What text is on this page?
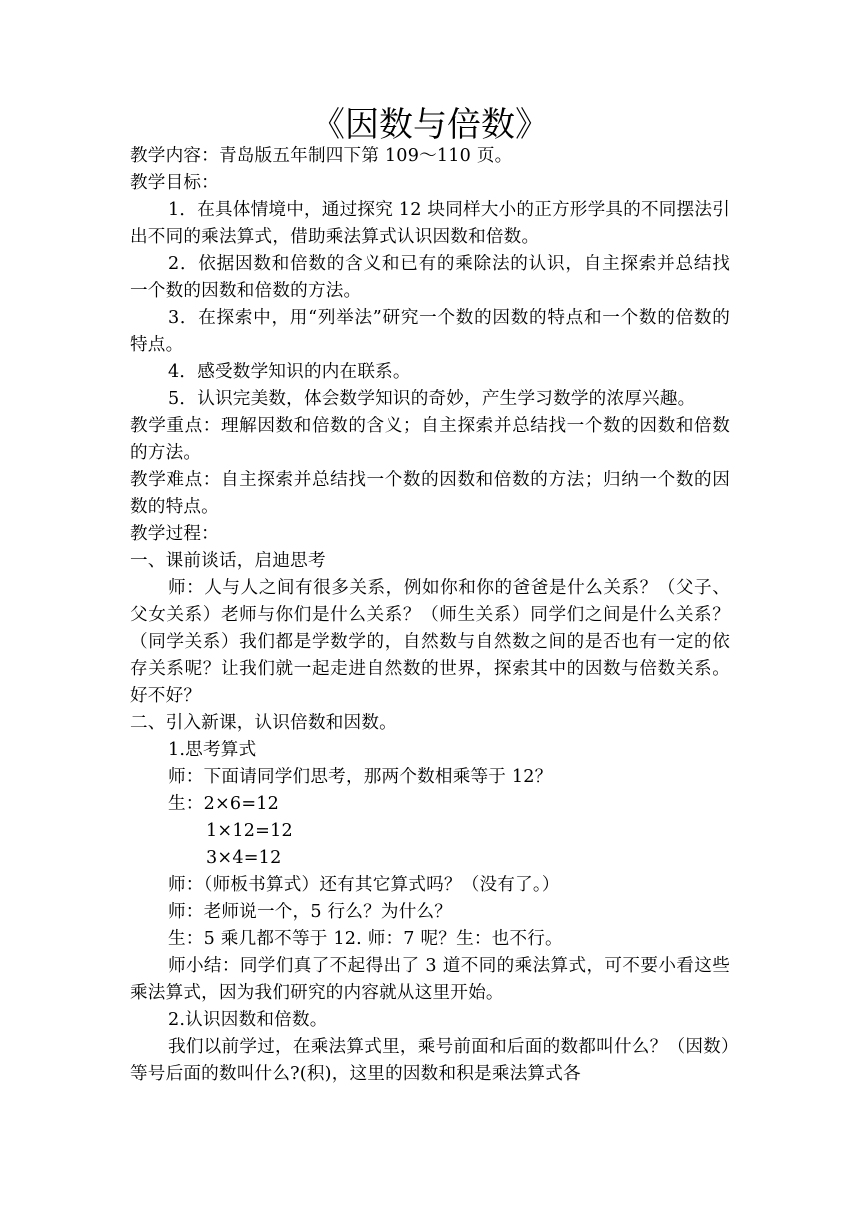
《因数与倍数》

教学内容：青岛版五年制四下第 109～110 页。

教学目标：

1．在具体情境中，通过探究 12 块同样大小的正方形学具的不同摆法引出不同的乘法算式，借助乘法算式认识因数和倍数。

2．依据因数和倍数的含义和已有的乘除法的认识，自主探索并总结找一个数的因数和倍数的方法。

3．在探索中，用“列举法”研究一个数的因数的特点和一个数的倍数的特点。

4．感受数学知识的内在联系。

5．认识完美数，体会数学知识的奇妙，产生学习数学的浓厚兴趣。

教学重点：理解因数和倍数的含义；自主探索并总结找一个数的因数和倍数的方法。

教学难点：自主探索并总结找一个数的因数和倍数的方法；归纳一个数的因数的特点。

教学过程：

一、课前谈话，启迪思考

师：人与人之间有很多关系，例如你和你的爸爸是什么关系？（父子、父女关系）老师与你们是什么关系？（师生关系）同学们之间是什么关系？（同学关系）我们都是学数学的，自然数与自然数之间的是否也有一定的依存关系呢？让我们就一起走进自然数的世界，探索其中的因数与倍数关系。好不好？

二、引入新课，认识倍数和因数。

1.思考算式

师：下面请同学们思考，那两个数相乘等于 12？

生：2×6=12

1×12=12

3×4=12

师：（师板书算式）还有其它算式吗？（没有了。）

师：老师说一个，5 行么？为什么？

生：5 乘几都不等于 12. 师：7 呢？生：也不行。

师小结：同学们真了不起得出了 3 道不同的乘法算式，可不要小看这些乘法算式，因为我们研究的内容就从这里开始。

2.认识因数和倍数。

我们以前学过，在乘法算式里，乘号前面和后面的数都叫什么？（因数）等号后面的数叫什么?(积)，这里的因数和积是乘法算式各
